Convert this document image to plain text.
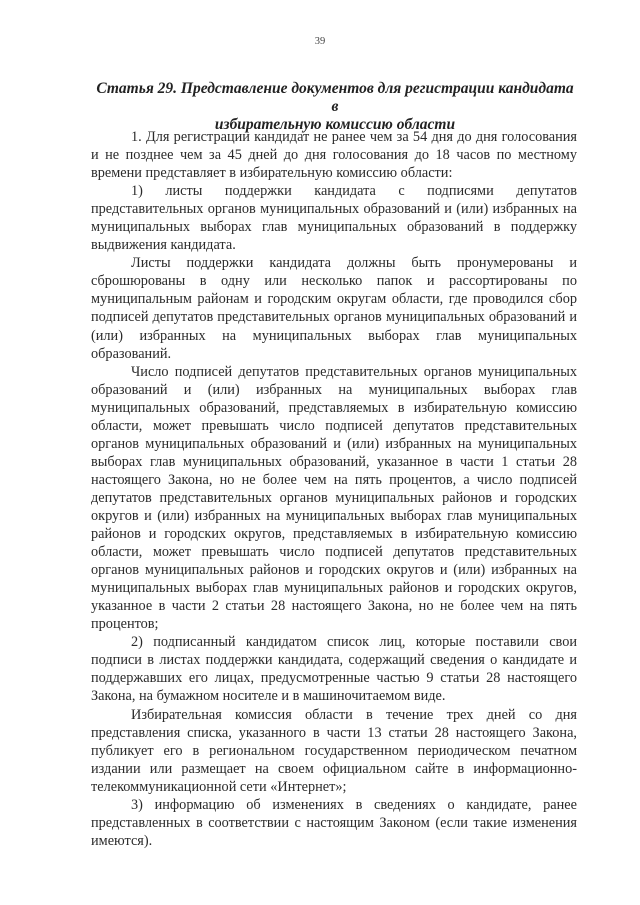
39
Статья 29. Представление документов для регистрации кандидата в
избирательную комиссию области

1. Для регистрации кандидат не ранее чем за 54 дня до дня голосования и не позднее чем за 45 дней до дня голосования до 18 часов по местному времени представляет в избирательную комиссию области:

1) листы поддержки кандидата с подписями депутатов представительных органов муниципальных образований и (или) избранных на муниципальных выборах глав муниципальных образований в поддержку выдвижения кандидата.

Листы поддержки кандидата должны быть пронумерованы и сброшюрованы в одну или несколько папок и рассортированы по муниципальным районам и городским округам области, где проводился сбор подписей депутатов представительных органов муниципальных образований и (или) избранных на муниципальных выборах глав муниципальных образований.

Число подписей депутатов представительных органов муниципальных образований и (или) избранных на муниципальных выборах глав муниципальных образований, представляемых в избирательную комиссию области, может превышать число подписей депутатов представительных органов муниципальных образований и (или) избранных на муниципальных выборах глав муниципальных образований, указанное в части 1 статьи 28 настоящего Закона, но не более чем на пять процентов, а число подписей депутатов представительных органов муниципальных районов и городских округов и (или) избранных на муниципальных выборах глав муниципальных районов и городских округов, представляемых в избирательную комиссию области, может превышать число подписей депутатов представительных органов муниципальных районов и городских округов и (или) избранных на муниципальных выборах глав муниципальных районов и городских округов, указанное в части 2 статьи 28 настоящего Закона, но не более чем на пять процентов;

2) подписанный кандидатом список лиц, которые поставили свои подписи в листах поддержки кандидата, содержащий сведения о кандидате и поддержавших его лицах, предусмотренные частью 9 статьи 28 настоящего Закона, на бумажном носителе и в машиночитаемом виде.

Избирательная комиссия области в течение трех дней со дня представления списка, указанного в части 13 статьи 28 настоящего Закона, публикует его в региональном государственном периодическом печатном издании или размещает на своем официальном сайте в информационно-телекоммуникационной сети «Интернет»;

3) информацию об изменениях в сведениях о кандидате, ранее представленных в соответствии с настоящим Законом (если такие изменения имеются).
